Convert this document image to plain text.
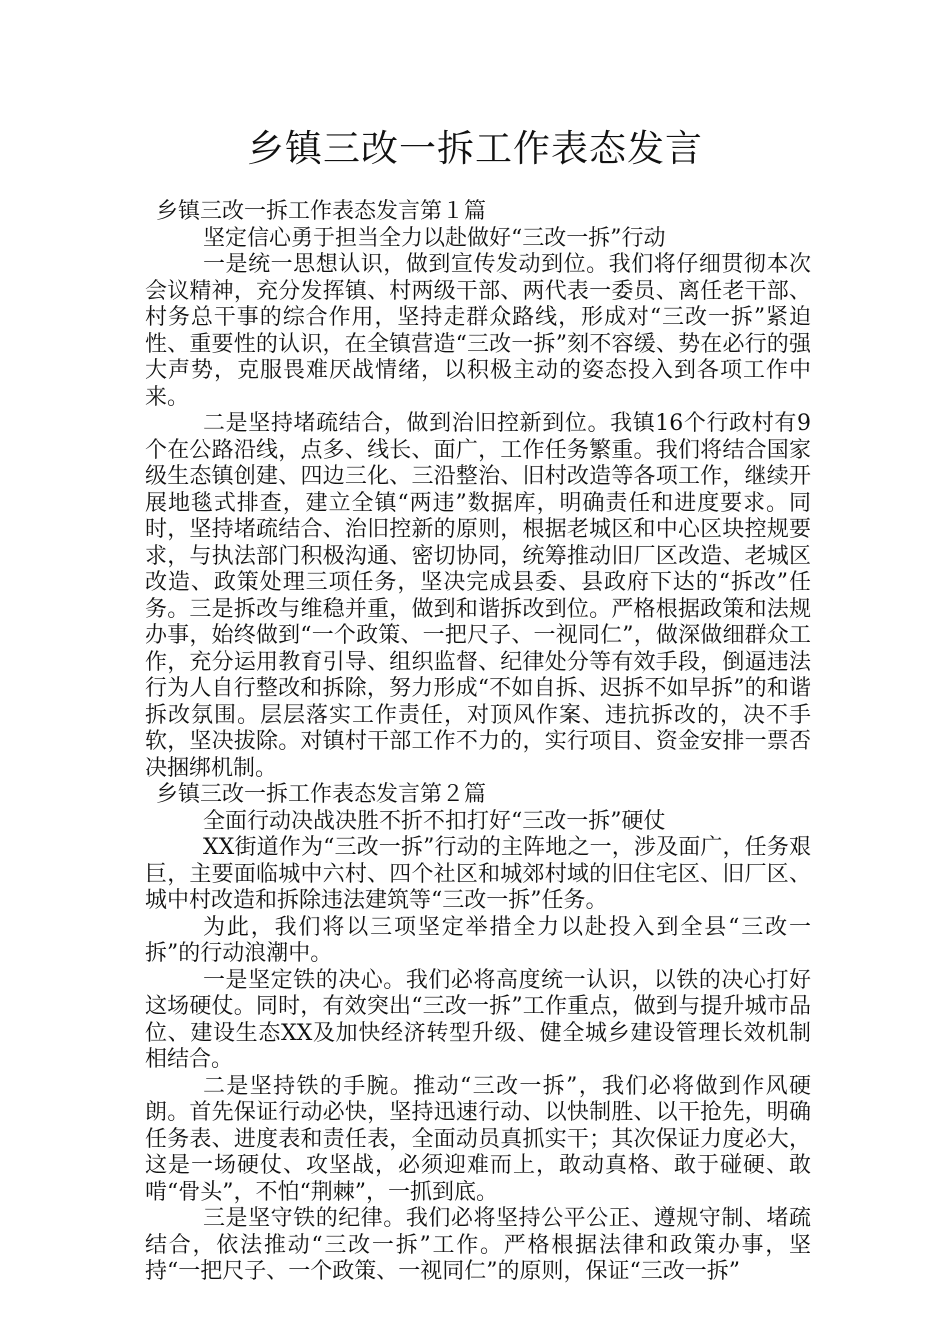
乡镇三改一拆工作表态发言

乡镇三改一拆工作表态发言第１篇

坚定信心勇于担当全力以赴做好“三改一拆”行动

一是统一思想认识，做到宣传发动到位。我们将仔细贯彻本次会议精神，充分发挥镇、村两级干部、两代表一委员、离任老干部、村务总干事的综合作用，坚持走群众路线，形成对“三改一拆”紧迫性、重要性的认识，在全镇营造“三改一拆”刻不容缓、势在必行的强大声势，克服畏难厌战情绪，以积极主动的姿态投入到各项工作中来。

二是坚持堵疏结合，做到治旧控新到位。我镇16个行政村有9个在公路沿线，点多、线长、面广，工作任务繁重。我们将结合国家级生态镇创建、四边三化、三沿整治、旧村改造等各项工作，继续开展地毯式排查，建立全镇“两违”数据库，明确责任和进度要求。同时，坚持堵疏结合、治旧控新的原则，根据老城区和中心区块控规要求，与执法部门积极沟通、密切协同，统筹推动旧厂区改造、老城区改造、政策处理三项任务，坚决完成县委、县政府下达的“拆改”任务。三是拆改与维稳并重，做到和谐拆改到位。严格根据政策和法规办事，始终做到“一个政策、一把尺子、一视同仁”，做深做细群众工作，充分运用教育引导、组织监督、纪律处分等有效手段，倒逼违法行为人自行整改和拆除，努力形成“不如自拆、迟拆不如早拆”的和谐拆改氛围。层层落实工作责任，对顶风作案、违抗拆改的，决不手软，坚决拔除。对镇村干部工作不力的，实行项目、资金安排一票否决捆绑机制。

乡镇三改一拆工作表态发言第２篇

全面行动决战决胜不折不扣打好“三改一拆”硬仗

XX街道作为“三改一拆”行动的主阵地之一，涉及面广，任务艰巨，主要面临城中六村、四个社区和城郊村域的旧住宅区、旧厂区、城中村改造和拆除违法建筑等“三改一拆”任务。

为此，我们将以三项坚定举措全力以赴投入到全县“三改一拆”的行动浪潮中。

一是坚定铁的决心。我们必将高度统一认识，以铁的决心打好这场硬仗。同时，有效突出“三改一拆”工作重点，做到与提升城市品位、建设生态XX及加快经济转型升级、健全城乡建设管理长效机制相结合。

二是坚持铁的手腕。推动“三改一拆”，我们必将做到作风硬朗。首先保证行动必快，坚持迅速行动、以快制胜、以干抢先，明确任务表、进度表和责任表，全面动员真抓实干；其次保证力度必大，这是一场硬仗、攻坚战，必须迎难而上，敢动真格、敢于碰硬、敢啃“骨头”，不怕“荆棘”，一抓到底。

三是坚守铁的纪律。我们必将坚持公平公正、遵规守制、堵疏结合，依法推动“三改一拆”工作。严格根据法律和政策办事，坚持“一把尺子、一个政策、一视同仁”的原则，保证“三改一拆”
